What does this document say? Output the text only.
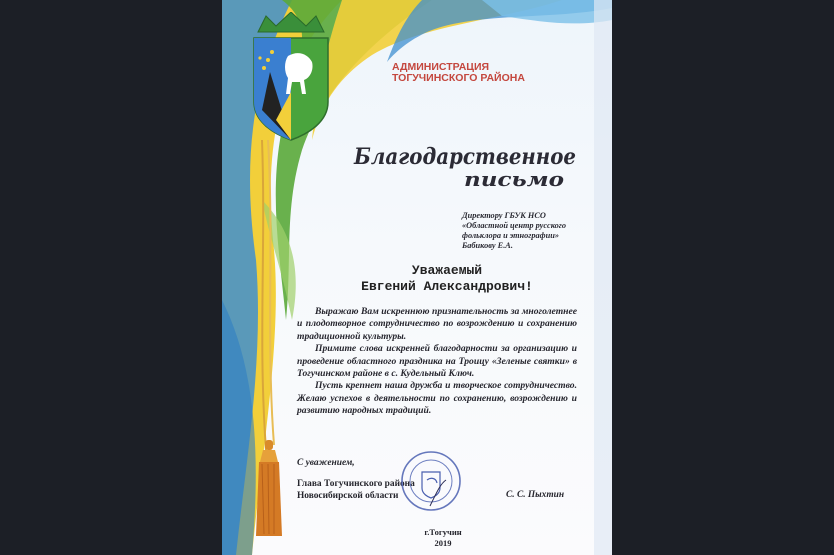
АДМИНИСТРАЦИЯ
ТОГУЧИНСКОГО РАЙОНА

Благодарственное
письмо

Директору ГБУК НСО
«Областной центр русского
фольклора и этнографии»
Бабикову Е.А.

Уважаемый
Евгений Александрович!

Выражаю Вам искреннюю признательность за многолетнее и плодотворное сотрудничество по возрождению и сохранению традиционной культуры.

Примите слова искренней благодарности за организацию и проведение областного праздника на Троицу «Зеленые святки» в Тогучинском районе в с. Кудельный Ключ.

Пусть крепнет наша дружба и творческое сотрудничество. Желаю успехов в деятельности по сохранению, возрождению и развитию народных традиций.

С уважением,

Глава Тогучинского района
Новосибирской области	С. С. Пыхтин

г.Тогучин
2019
